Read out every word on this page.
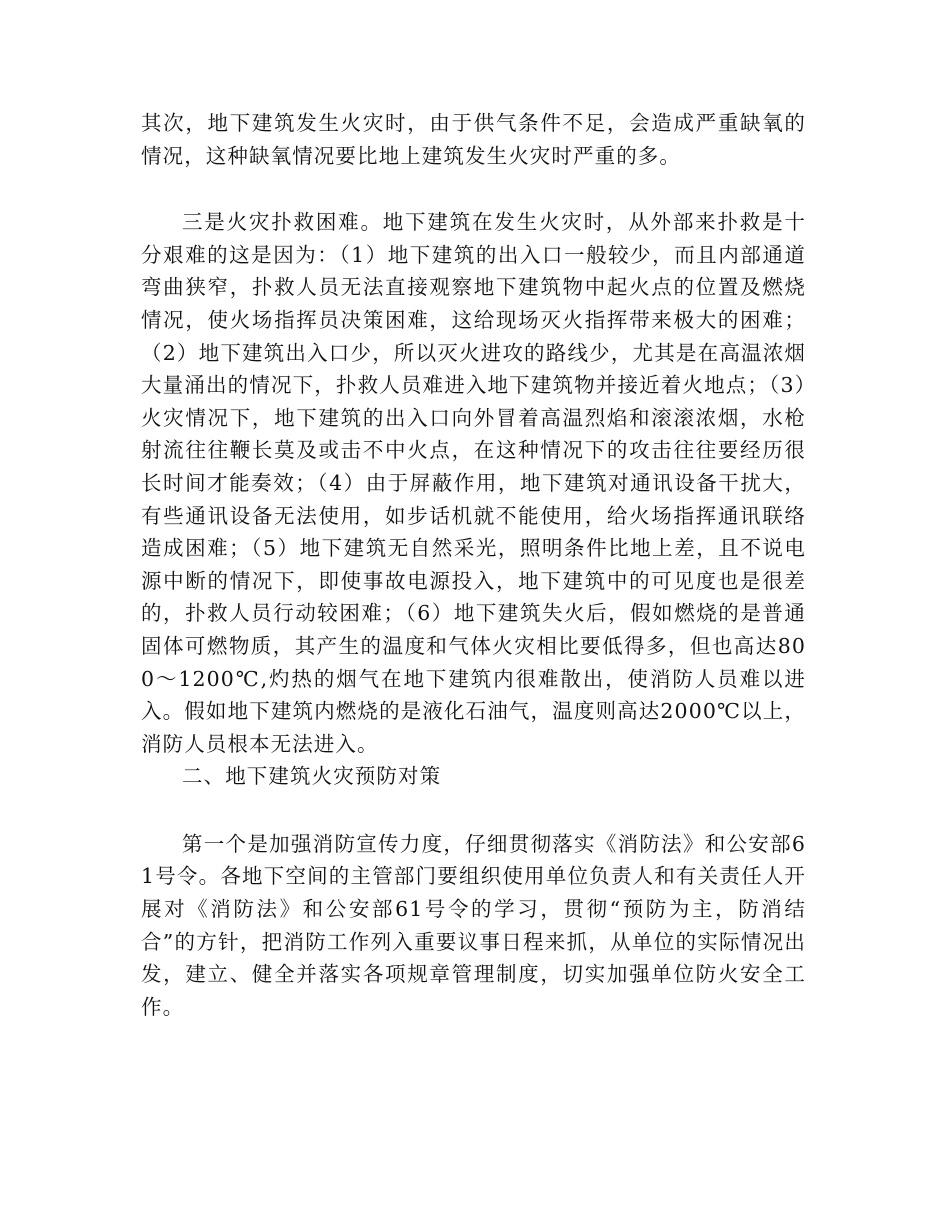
其次，地下建筑发生火灾时，由于供气条件不足，会造成严重缺氧的情况，这种缺氧情况要比地上建筑发生火灾时严重的多。

三是火灾扑救困难。地下建筑在发生火灾时，从外部来扑救是十分艰难的这是因为：（1）地下建筑的出入口一般较少，而且内部通道弯曲狭窄，扑救人员无法直接观察地下建筑物中起火点的位置及燃烧情况，使火场指挥员决策困难，这给现场灭火指挥带来极大的困难；（2）地下建筑出入口少，所以灭火进攻的路线少，尤其是在高温浓烟大量涌出的情况下，扑救人员难进入地下建筑物并接近着火地点；（3）火灾情况下，地下建筑的出入口向外冒着高温烈焰和滚滚浓烟，水枪射流往往鞭长莫及或击不中火点，在这种情况下的攻击往往要经历很长时间才能奏效；（4）由于屏蔽作用，地下建筑对通讯设备干扰大，有些通讯设备无法使用，如步话机就不能使用，给火场指挥通讯联络造成困难；（5）地下建筑无自然采光，照明条件比地上差，且不说电源中断的情况下，即使事故电源投入，地下建筑中的可见度也是很差的，扑救人员行动较困难；（6）地下建筑失火后，假如燃烧的是普通固体可燃物质，其产生的温度和气体火灾相比要低得多，但也高达800～1200℃,灼热的烟气在地下建筑内很难散出，使消防人员难以进入。假如地下建筑内燃烧的是液化石油气，温度则高达2000℃以上，消防人员根本无法进入。

二、地下建筑火灾预防对策

第一个是加强消防宣传力度，仔细贯彻落实《消防法》和公安部61号令。各地下空间的主管部门要组织使用单位负责人和有关责任人开展对《消防法》和公安部61号令的学习，贯彻“预防为主，防消结合”的方针，把消防工作列入重要议事日程来抓，从单位的实际情况出发，建立、健全并落实各项规章管理制度，切实加强单位防火安全工作。
